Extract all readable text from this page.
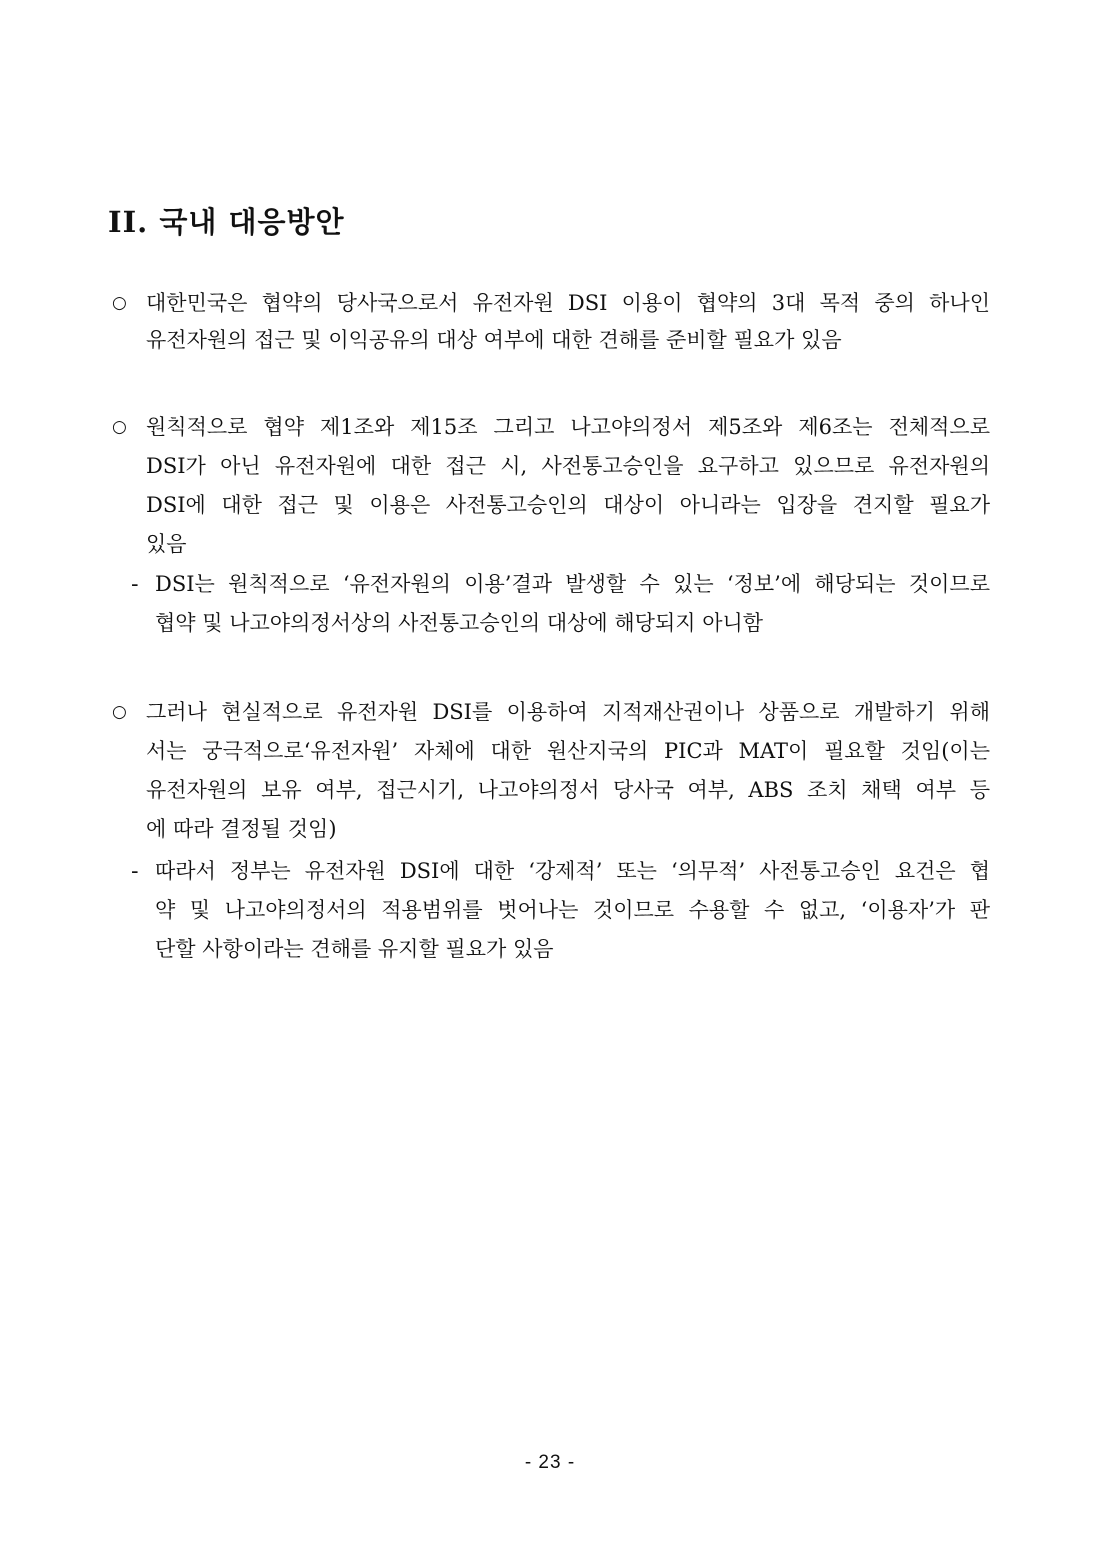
II. 국내 대응방안
○ 대한민국은 협약의 당사국으로서 유전자원 DSI 이용이 협약의 3대 목적 중의 하나인

유전자원의 접근 및 이익공유의 대상 여부에 대한 견해를 준비할 필요가 있음

○ 원칙적으로 협약 제1조와 제15조 그리고 나고야의정서 제5조와 제6조는 전체적으로

DSI가 아닌 유전자원에 대한 접근 시, 사전통고승인을 요구하고 있으므로 유전자원의

DSI에 대한 접근 및 이용은 사전통고승인의 대상이 아니라는 입장을 견지할 필요가

있음

- DSI는 원칙적으로 ‘유전자원의 이용’결과 발생할 수 있는 ‘정보’에 해당되는 것이므로

협약 및 나고야의정서상의 사전통고승인의 대상에 해당되지 아니함

○ 그러나 현실적으로 유전자원 DSI를 이용하여 지적재산권이나 상품으로 개발하기 위해

서는 궁극적으로‘유전자원’ 자체에 대한 원산지국의 PIC과 MAT이 필요할 것임(이는

유전자원의 보유 여부, 접근시기, 나고야의정서 당사국 여부, ABS 조치 채택 여부 등

에 따라 결정될 것임)

- 따라서 정부는 유전자원 DSI에 대한 ‘강제적’ 또는 ‘의무적’ 사전통고승인 요건은 협

약 및 나고야의정서의 적용범위를 벗어나는 것이므로 수용할 수 없고, ‘이용자’가 판

단할 사항이라는 견해를 유지할 필요가 있음

- 23 -
